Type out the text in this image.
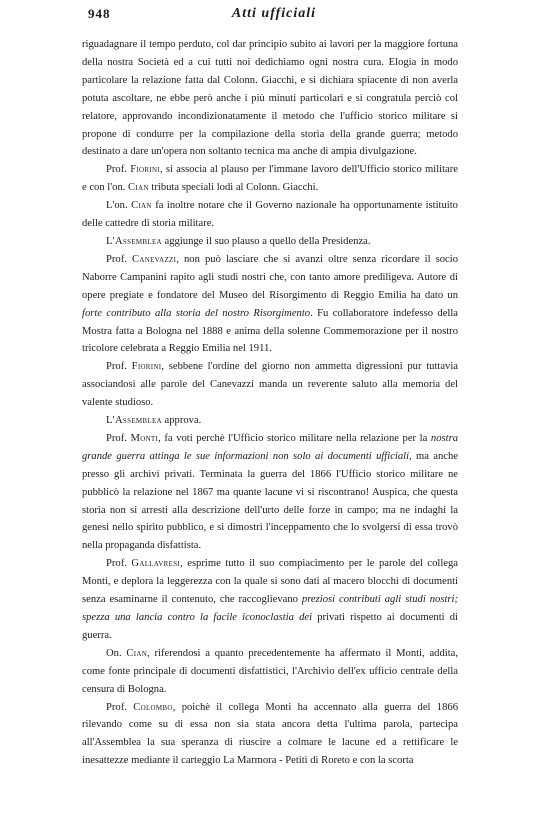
948	Atti ufficiali

riguadagnare il tempo perduto, col dar principio subito ai lavori per la maggiore fortuna della nostra Società ed a cui tutti noi dedichiamo ogni nostra cura. Elogia in modo particolare la relazione fatta dal Colonn. Giacchi, e si dichiara spiacente di non averla potuta ascoltare, ne ebbe però anche i più minuti particolari e si congratula perciò col relatore, approvando incondizionatamente il metodo che l'ufficio storico militare si propone di condurre per la compilazione della storia della grande guerra; metodo destinato a dare un'opera non soltanto tecnica ma anche di ampia divulgazione.

Prof. Fiorini, si associa al plauso per l'immane lavoro dell'Ufficio storico militare e con l'on. Cian tributa speciali lodi al Colonn. Giacchi.

L'on. Cian fa inoltre notare che il Governo nazionale ha opportunamente istituito delle cattedre di storia militare.

L'Assemblea aggiunge il suo plauso a quello della Presidenza.

Prof. Canevazzi, non può lasciare che si avanzi oltre senza ricordare il socio Naborre Campanini rapito agli studi nostri che, con tanto amore prediligeva. Autore di opere pregiate e fondatore del Museo del Risorgimento di Reggio Emilia ha dato un forte contributo alla storia del nostro Risorgimento. Fu collaboratore indefesso della Mostra fatta a Bologna nel 1888 e anima della solenne Commemorazione per il nostro tricolore celebrata a Reggio Emilia nel 1911.

Prof. Fiorini, sebbene l'ordine del giorno non ammetta digressioni pur tuttavia associandosi alle parole del Canevazzi manda un reverente saluto alla memoria del valente studioso.

L'Assemblea approva.

Prof. Monti, fa voti perchè l'Ufficio storico militare nella relazione per la nostra grande guerra attinga le sue informazioni non solo ai documenti ufficiali, ma anche presso gli archivi privati. Terminata la guerra del 1866 l'Ufficio storico militare ne pubblicò la relazione nel 1867 ma quante lacune vi si riscontrano! Auspica, che questa storia non si arresti alla descrizione dell'urto delle forze in campo; ma ne indaghi la genesi nello spirito pubblico, e si dimostri l'inceppamento che lo svolgersi di essa trovò nella propaganda disfattista.

Prof. Gallavresi, esprime tutto il suo compiacimento per le parole del collega Monti, e deplora la leggerezza con la quale si sono dati al macero blocchi di documenti senza esaminarne il contenuto, che raccoglievano preziosi contributi agli studi nostri; spezza una lancia contro la facile iconoclastia dei privati rispetto ai documenti di guerra.

On. Cian, riferendosi a quanto precedentemente ha affermato il Monti, addita, come fonte principale di documenti disfattistici, l'Archivio dell'ex ufficio centrale della censura di Bologna.

Prof. Colombo, poichè il collega Monti ha accennato alla guerra del 1866 rilevando come su di essa non sia stata ancora detta l'ultima parola, partecipa all'Assemblea la sua speranza di riuscire a colmare le lacune ed a rettificare le inesattezze mediante il carteggio La Marmora - Petiti di Roreto e con la scorta
